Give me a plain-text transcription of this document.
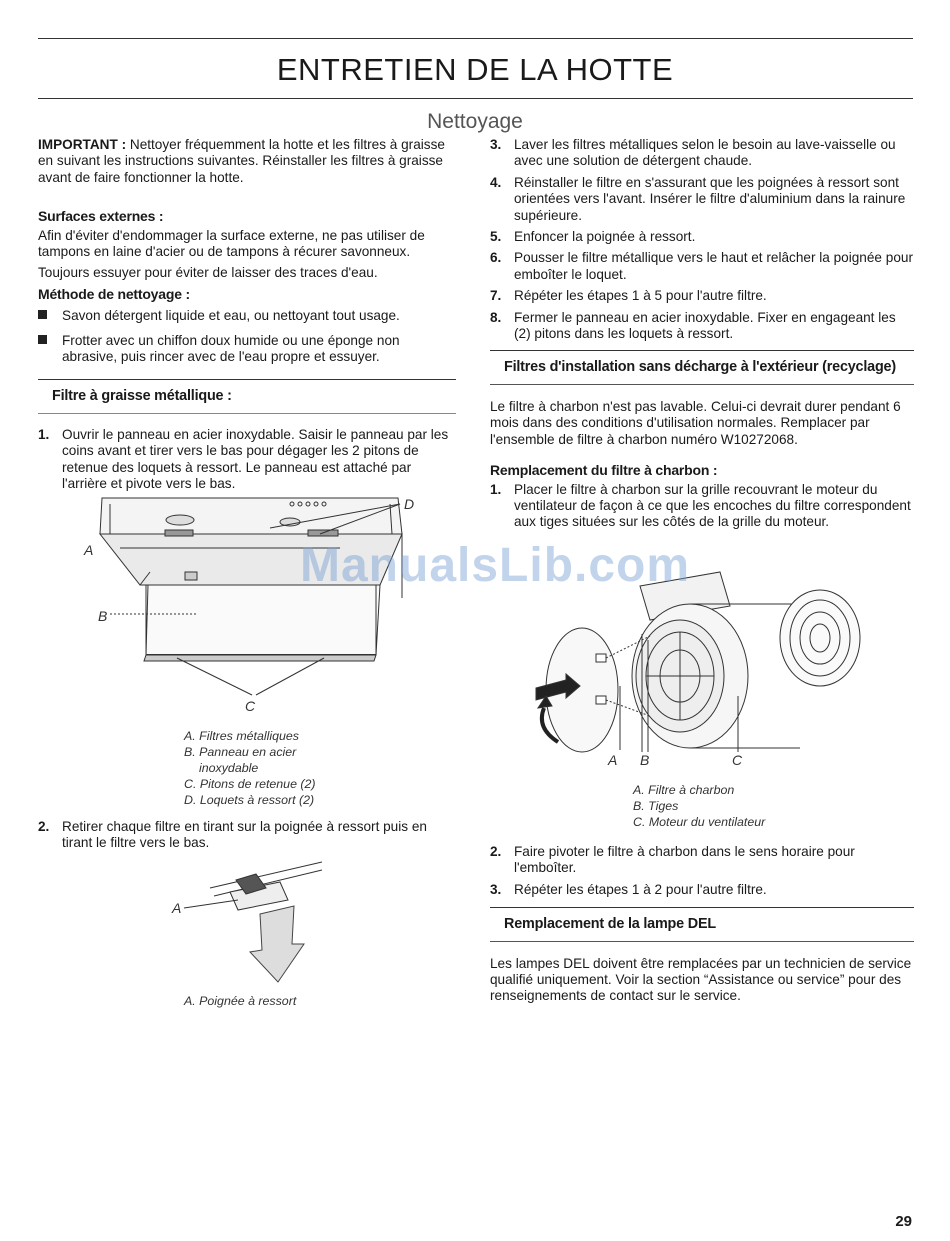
ENTRETIEN DE LA HOTTE
Nettoyage

IMPORTANT : Nettoyer fréquemment la hotte et les filtres à graisse en suivant les instructions suivantes. Réinstaller les filtres à graisse avant de faire fonctionner la hotte.

Surfaces externes :

Afin d'éviter d'endommager la surface externe, ne pas utiliser de tampons en laine d'acier ou de tampons à récurer savonneux.

Toujours essuyer pour éviter de laisser des traces d'eau.

Méthode de nettoyage :
Savon détergent liquide et eau, ou nettoyant tout usage.
Frotter avec un chiffon doux humide ou une éponge non abrasive, puis rincer avec de l'eau propre et essuyer.
Filtre à graisse métallique :
1. Ouvrir le panneau en acier inoxydable. Saisir le panneau par les coins avant et tirer vers le bas pour dégager les 2 pitons de retenue des loquets à ressort. Le panneau est attaché par l'arrière et pivote vers le bas.
A
B
C
D
A. Filtres métalliques
B. Panneau en acier
inoxydable
C. Pitons de retenue (2)
D. Loquets à ressort (2)
2. Retirer chaque filtre en tirant sur la poignée à ressort puis en tirant le filtre vers le bas.
A
A. Poignée à ressort
3. Laver les filtres métalliques selon le besoin au lave-vaisselle ou avec une solution de détergent chaude.
4. Réinstaller le filtre en s'assurant que les poignées à ressort sont orientées vers l'avant. Insérer le filtre d'aluminium dans la rainure supérieure.
5. Enfoncer la poignée à ressort.
6. Pousser le filtre métallique vers le haut et relâcher la poignée pour emboîter le loquet.
7. Répéter les étapes 1 à 5 pour l'autre filtre.
8. Fermer le panneau en acier inoxydable. Fixer en engageant les (2) pitons dans les loquets à ressort.
Filtres d'installation sans décharge à l'extérieur (recyclage)

Le filtre à charbon n'est pas lavable. Celui-ci devrait durer pendant 6 mois dans des conditions d'utilisation normales. Remplacer par l'ensemble de filtre à charbon numéro W10272068.

Remplacement du filtre à charbon :
1. Placer le filtre à charbon sur la grille recouvrant le moteur du ventilateur de façon à ce que les encoches du filtre correspondent aux tiges situées sur les côtés de la grille du moteur.
A B	C
A. Filtre à charbon
B. Tiges
C. Moteur du ventilateur
2. Faire pivoter le filtre à charbon dans le sens horaire pour l'emboîter.
3. Répéter les étapes 1 à 2 pour l'autre filtre.
Remplacement de la lampe DEL

Les lampes DEL doivent être remplacées par un technicien de service qualifié uniquement. Voir la section “Assistance ou service” pour des renseignements de contact sur le service.

ManualsLib.com
29
